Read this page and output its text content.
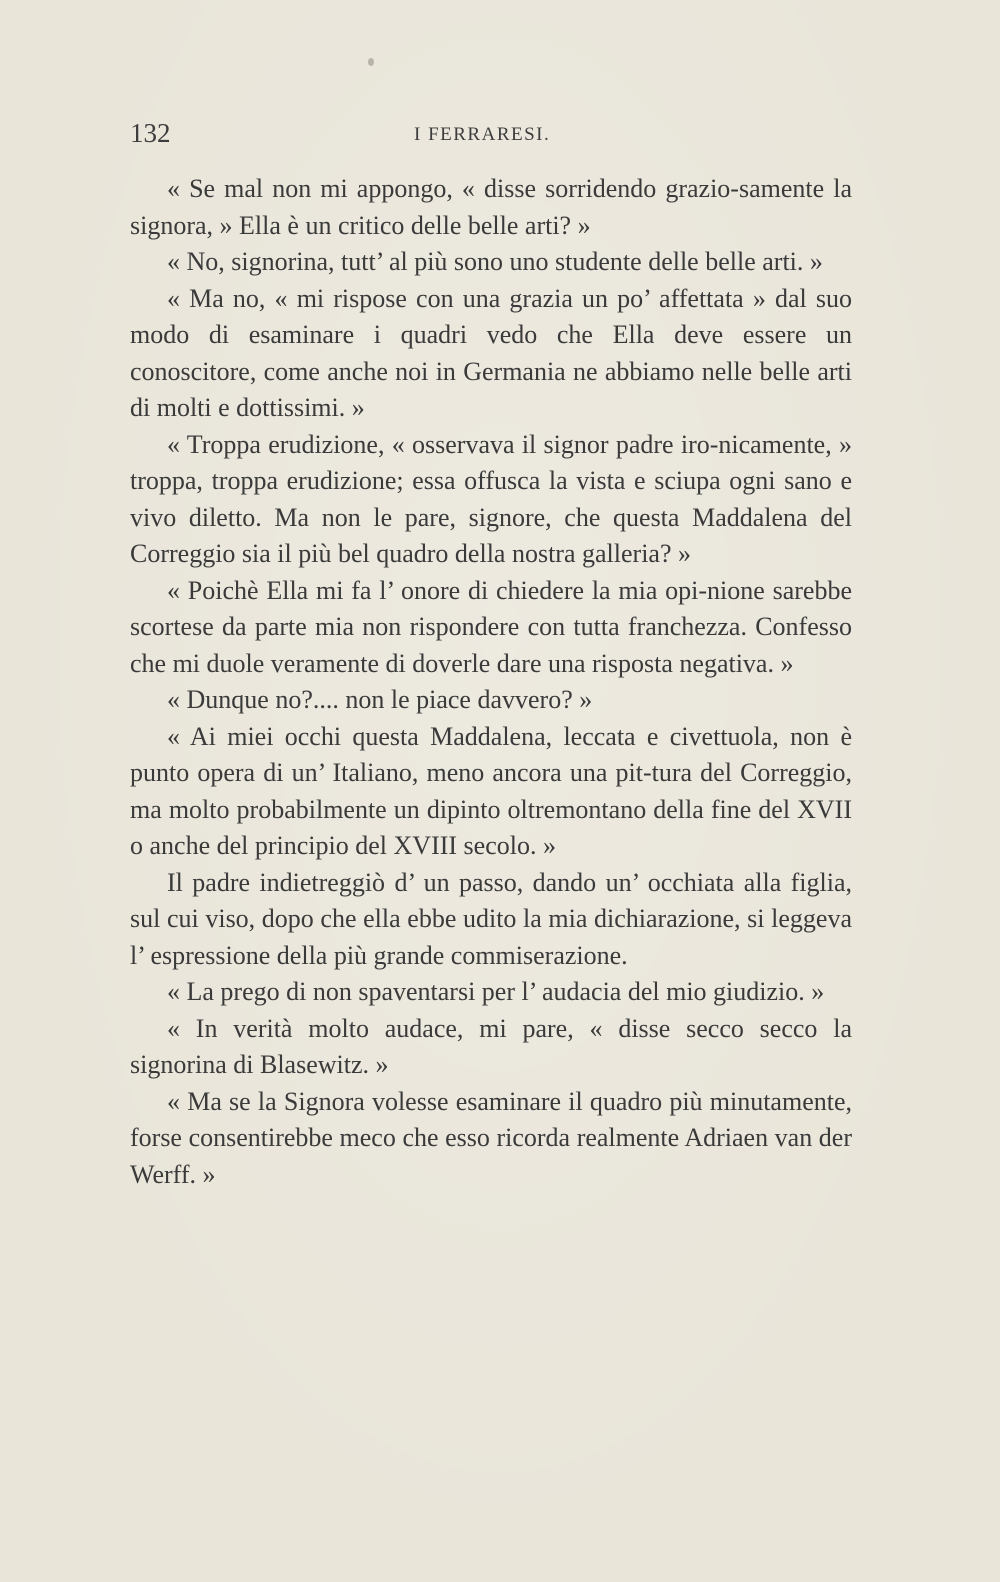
132	I FERRARESI.

« Se mal non mi appongo, « disse sorridendo grazio-samente la signora, » Ella è un critico delle belle arti? »

« No, signorina, tutt’ al più sono uno studente delle belle arti. »

« Ma no, « mi rispose con una grazia un po’ affettata » dal suo modo di esaminare i quadri vedo che Ella deve essere un conoscitore, come anche noi in Germania ne abbiamo nelle belle arti di molti e dottissimi. »

« Troppa erudizione, « osservava il signor padre iro-nicamente, » troppa, troppa erudizione; essa offusca la vista e sciupa ogni sano e vivo diletto. Ma non le pare, signore, che questa Maddalena del Correggio sia il più bel quadro della nostra galleria? »

« Poichè Ella mi fa l’ onore di chiedere la mia opi-nione sarebbe scortese da parte mia non rispondere con tutta franchezza. Confesso che mi duole veramente di doverle dare una risposta negativa. »

« Dunque no?.... non le piace davvero? »

« Ai miei occhi questa Maddalena, leccata e civettuola, non è punto opera di un’ Italiano, meno ancora una pit-tura del Correggio, ma molto probabilmente un dipinto oltremontano della fine del XVII o anche del principio del XVIII secolo. »

Il padre indietreggiò d’ un passo, dando un’ occhiata alla figlia, sul cui viso, dopo che ella ebbe udito la mia dichiarazione, si leggeva l’ espressione della più grande commiserazione.

« La prego di non spaventarsi per l’ audacia del mio giudizio. »

« In verità molto audace, mi pare, « disse secco secco la signorina di Blasewitz. »

« Ma se la Signora volesse esaminare il quadro più minutamente, forse consentirebbe meco che esso ricorda realmente Adriaen van der Werff. »
